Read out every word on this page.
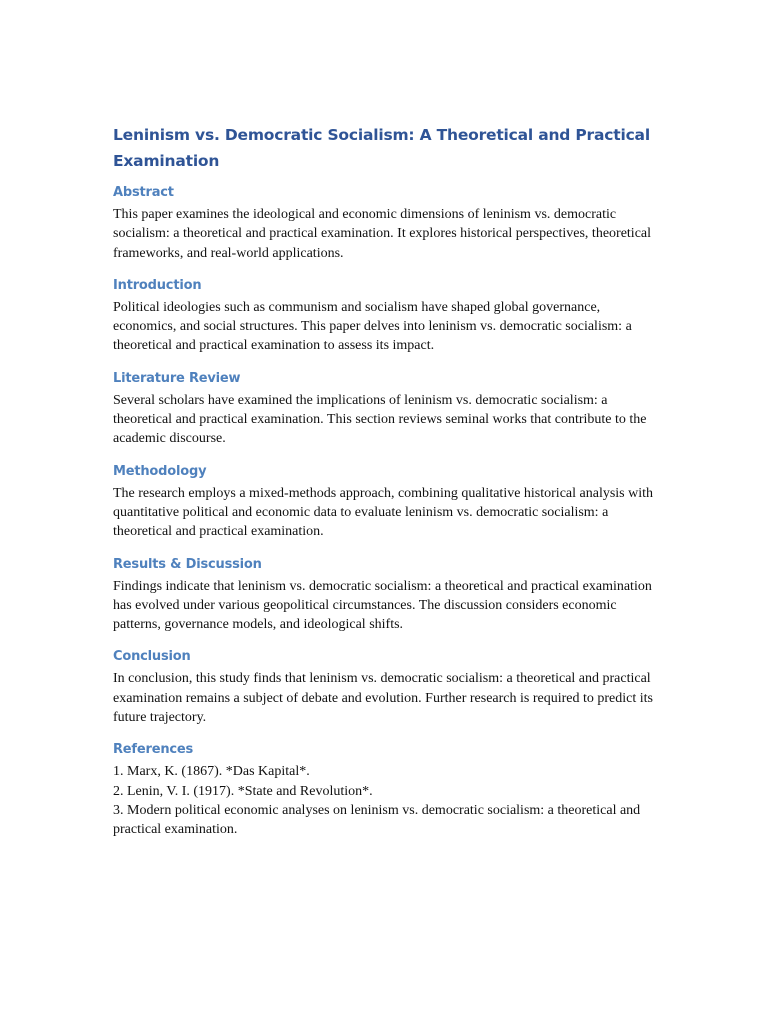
Leninism vs. Democratic Socialism: A Theoretical and Practical Examination
Abstract

This paper examines the ideological and economic dimensions of leninism vs. democratic socialism: a theoretical and practical examination. It explores historical perspectives, theoretical frameworks, and real-world applications.

Introduction

Political ideologies such as communism and socialism have shaped global governance, economics, and social structures. This paper delves into leninism vs. democratic socialism: a theoretical and practical examination to assess its impact.

Literature Review

Several scholars have examined the implications of leninism vs. democratic socialism: a theoretical and practical examination. This section reviews seminal works that contribute to the academic discourse.

Methodology

The research employs a mixed-methods approach, combining qualitative historical analysis with quantitative political and economic data to evaluate leninism vs. democratic socialism: a theoretical and practical examination.

Results & Discussion

Findings indicate that leninism vs. democratic socialism: a theoretical and practical examination has evolved under various geopolitical circumstances. The discussion considers economic patterns, governance models, and ideological shifts.

Conclusion

In conclusion, this study finds that leninism vs. democratic socialism: a theoretical and practical examination remains a subject of debate and evolution. Further research is required to predict its future trajectory.

References
1. Marx, K. (1867). *Das Kapital*.
2. Lenin, V. I. (1917). *State and Revolution*.
3. Modern political economic analyses on leninism vs. democratic socialism: a theoretical and practical examination.
